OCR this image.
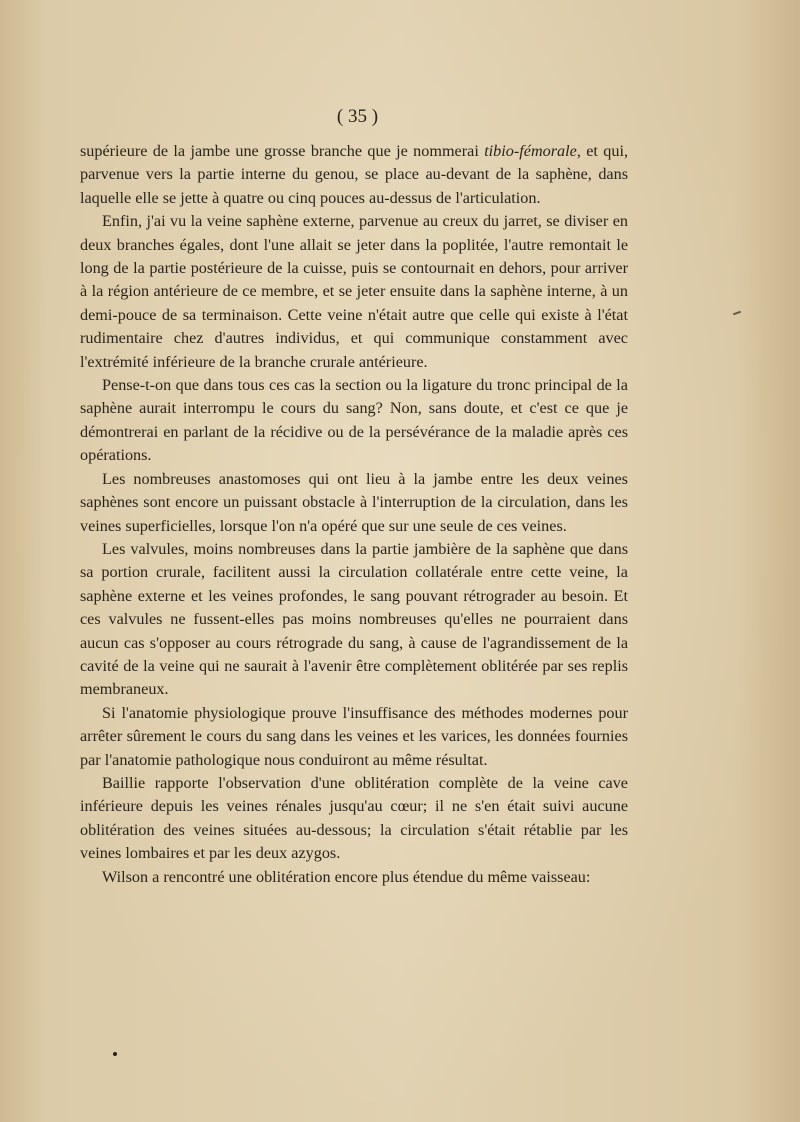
( 35 )

supérieure de la jambe une grosse branche que je nommerai tibio-fémorale, et qui, parvenue vers la partie interne du genou, se place au-devant de la saphène, dans laquelle elle se jette à quatre ou cinq pouces au-dessus de l'articulation.

Enfin, j'ai vu la veine saphène externe, parvenue au creux du jarret, se diviser en deux branches égales, dont l'une allait se jeter dans la poplitée, l'autre remontait le long de la partie postérieure de la cuisse, puis se contournait en dehors, pour arriver à la région antérieure de ce membre, et se jeter ensuite dans la saphène interne, à un demi-pouce de sa terminaison. Cette veine n'était autre que celle qui existe à l'état rudimentaire chez d'autres individus, et qui communique constamment avec l'extrémité inférieure de la branche crurale antérieure.

Pense-t-on que dans tous ces cas la section ou la ligature du tronc principal de la saphène aurait interrompu le cours du sang? Non, sans doute, et c'est ce que je démontrerai en parlant de la récidive ou de la persévérance de la maladie après ces opérations.

Les nombreuses anastomoses qui ont lieu à la jambe entre les deux veines saphènes sont encore un puissant obstacle à l'interruption de la circulation, dans les veines superficielles, lorsque l'on n'a opéré que sur une seule de ces veines.

Les valvules, moins nombreuses dans la partie jambière de la saphène que dans sa portion crurale, facilitent aussi la circulation collatérale entre cette veine, la saphène externe et les veines profondes, le sang pouvant rétrograder au besoin. Et ces valvules ne fussent-elles pas moins nombreuses qu'elles ne pourraient dans aucun cas s'opposer au cours rétrograde du sang, à cause de l'agrandissement de la cavité de la veine qui ne saurait à l'avenir être complètement oblitérée par ses replis membraneux.

Si l'anatomie physiologique prouve l'insuffisance des méthodes modernes pour arrêter sûrement le cours du sang dans les veines et les varices, les données fournies par l'anatomie pathologique nous conduiront au même résultat.

Baillie rapporte l'observation d'une oblitération complète de la veine cave inférieure depuis les veines rénales jusqu'au cœur; il ne s'en était suivi aucune oblitération des veines situées au-dessous; la circulation s'était rétablie par les veines lombaires et par les deux azygos.

Wilson a rencontré une oblitération encore plus étendue du même vaisseau:
